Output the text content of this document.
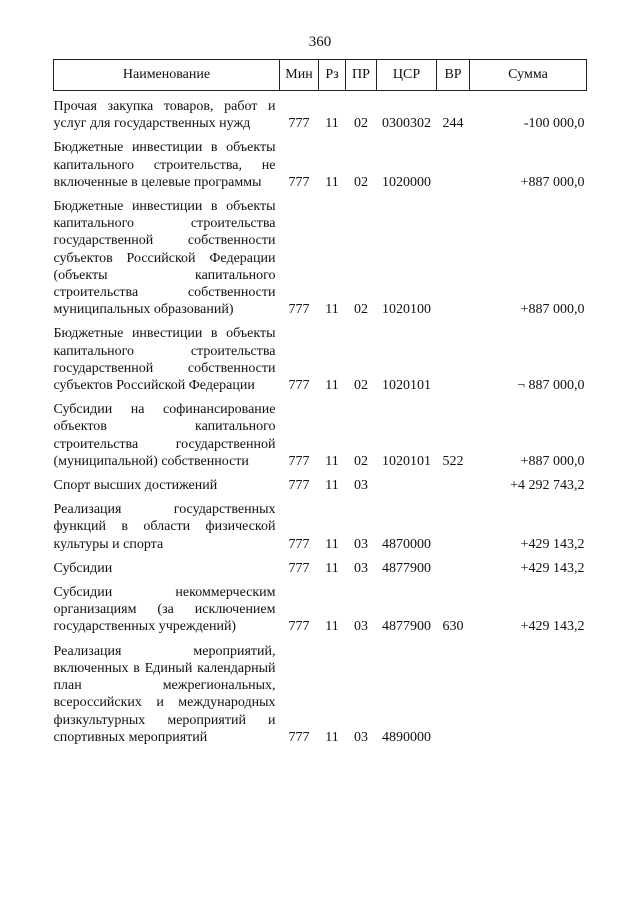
360
Наименование	Мин	Рз	ПР	ЦСР	ВР	Сумма
Прочая закупка товаров, работ и услуг для государственных нужд	777	11	02	0300302	244	-100 000,0
Бюджетные инвестиции в объекты капитального строительства, не включенные в целевые программы	777	11	02	1020000		+887 000,0
Бюджетные инвестиции в объекты капитального строительства государственной собственности субъектов Российской Федерации (объекты капитального строительства собственности муниципальных образований)	777	11	02	1020100		+887 000,0
Бюджетные инвестиции в объекты капитального строительства государственной собственности субъектов Российской Федерации	777	11	02	1020101		¬ 887 000,0
Субсидии на софинансирование объектов капитального строительства государственной (муниципальной) собственности	777	11	02	1020101	522	+887 000,0
Спорт высших достижений	777	11	03			+4 292 743,2
Реализация государственных функций в области физической культуры и спорта	777	11	03	4870000		+429 143,2
Субсидии	777	11	03	4877900		+429 143,2
Субсидии некоммерческим организациям (за исключением государственных учреждений)	777	11	03	4877900	630	+429 143,2
Реализация мероприятий, включенных в Единый календарный план межрегиональных, всероссийских и международных физкультурных мероприятий и спортивных мероприятий	777	11	03	4890000		
